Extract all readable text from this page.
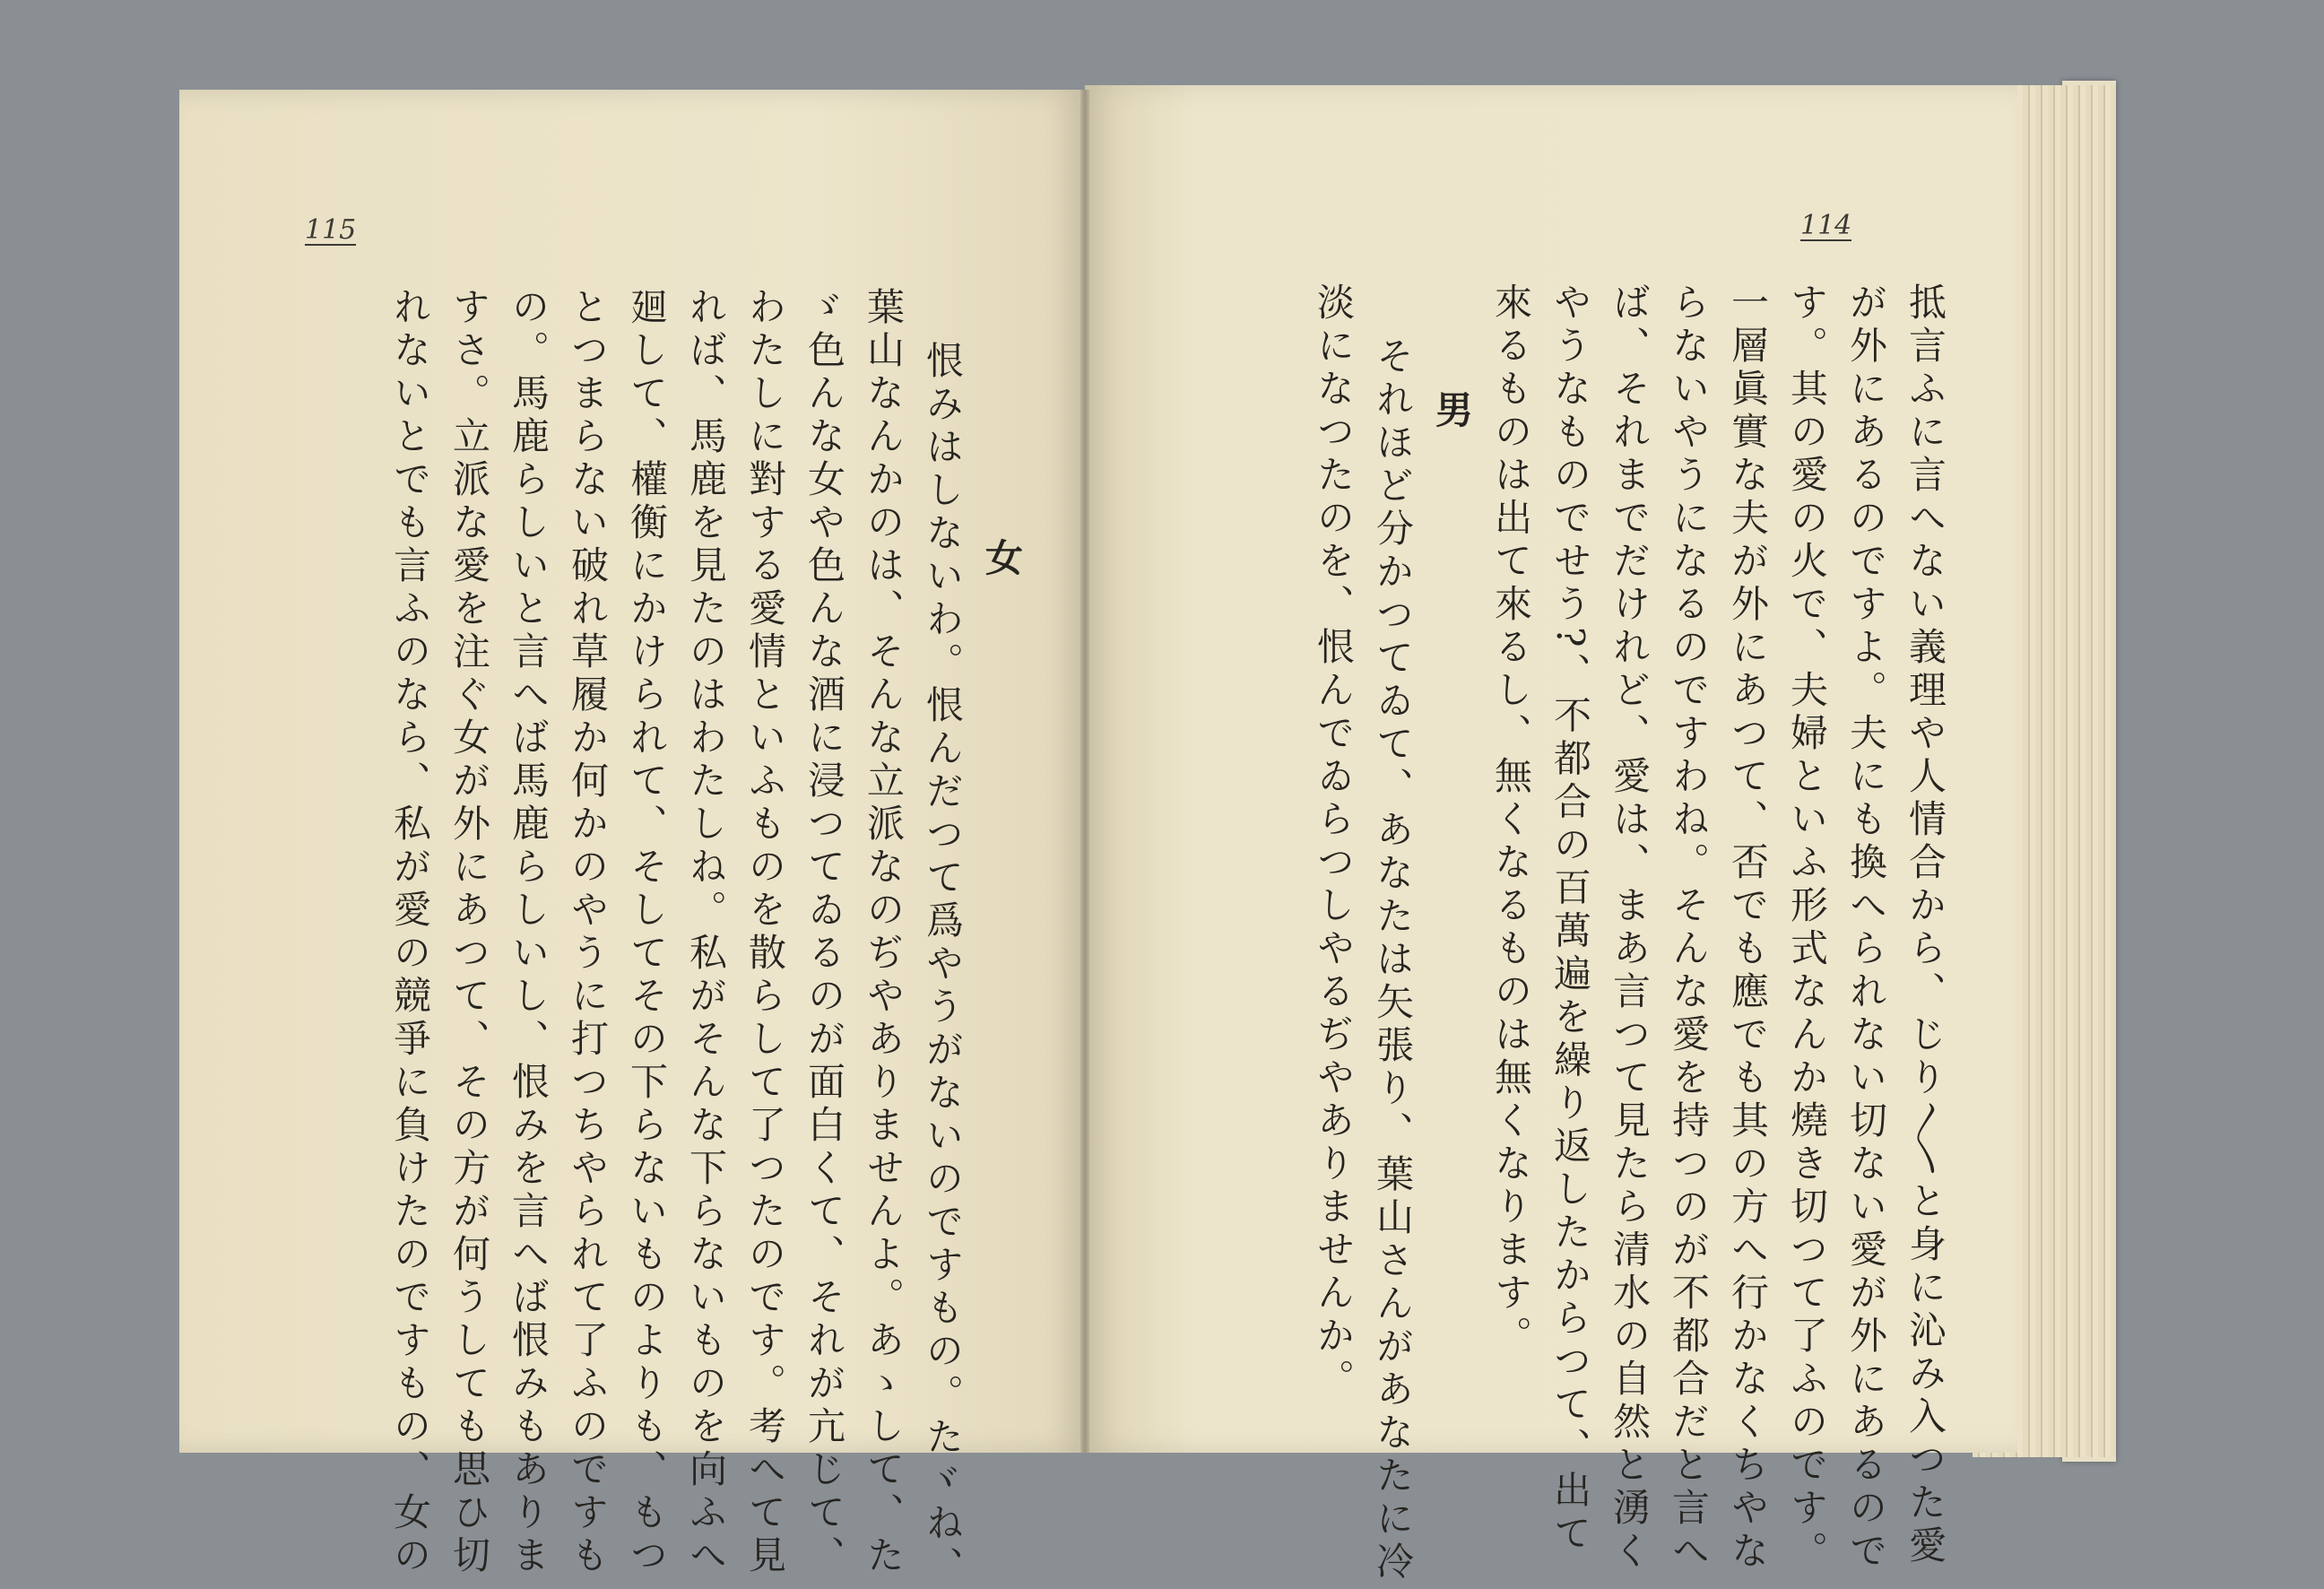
114
抵言ふに言へない義理や人情合から、じり〳〵と身に沁み入つた愛
が外にあるのですよ。夫にも換へられない切ない愛が外にあるので
す。其の愛の火で、夫婦といふ形式なんか燒き切つて了ふのです。
一層眞實な夫が外にあつて、否でも應でも其の方へ行かなくちやな
らないやうになるのですわね。そんな愛を持つのが不都合だと言へ
ば、それまでだけれど、愛は、まあ言つて見たら清水の自然と湧く
やうなものでせう?、不都合の百萬遍を繰り返したからつて、出て
來るものは出て來るし、無くなるものは無くなります。
男
それほど分かつてゐて、あなたは矢張り、葉山さんがあなたに冷
淡になつたのを、恨んでゐらつしやるぢやありませんか。
115
女
恨みはしないわ。恨んだつて爲やうがないのですもの。たヾね、
葉山なんかのは、そんな立派なのぢやありませんよ。あゝして、た
ゞ色んな女や色んな酒に浸つてゐるのが面白くて、それが亢じて、
わたしに對する愛情といふものを散らして了つたのです。考へて見
れば、馬鹿を見たのはわたしね。私がそんな下らないものを向ふへ
廻して、權衡にかけられて、そしてその下らないものよりも、もつ
とつまらない破れ草履か何かのやうに打つちやられて了ふのですも
の。馬鹿らしいと言へば馬鹿らしいし、恨みを言へば恨みもありま
すさ。立派な愛を注ぐ女が外にあつて、その方が何うしても思ひ切
れないとでも言ふのなら、私が愛の競爭に負けたのですもの、女の
